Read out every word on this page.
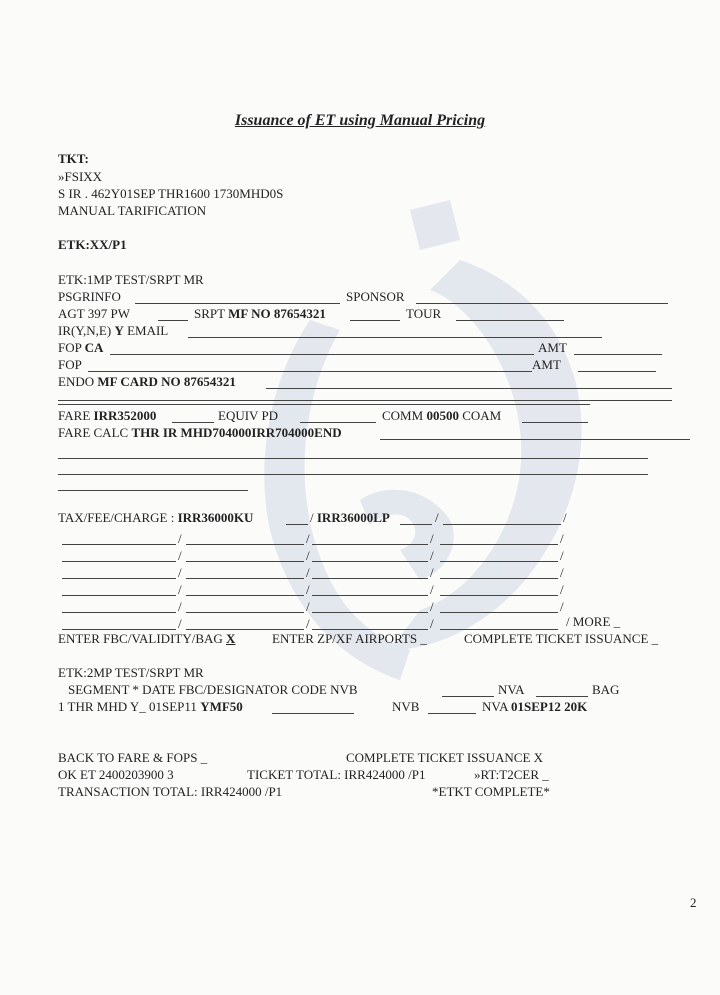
Issuance of ET using Manual Pricing
TKT:
»FSIXX
S IR . 462Y01SEP THR1600 1730MHD0S
MANUAL TARIFICATION
ETK:XX/P1
ETK:1MP TEST/SRPT MR
PSGRINFO	SPONSOR
AGT 397 PW	SRPT MF NO 87654321	TOUR
IR(Y,N,E) Y EMAIL
FOP CA	AMT
FOP	AMT
ENDO MF CARD NO 87654321
FARE IRR352000	EQUIV PD	COMM 00500 COAM
FARE CALC THR IR MHD704000IRR704000END
TAX/FEE/CHARGE : IRR36000KU	/ IRR36000LP	/	/
/	/	/	/
/	/	/	/
/	/	/	/
/	/	/	/
/	/	/	/
/	/	/	/ MORE _
ENTER FBC/VALIDITY/BAG X	ENTER ZP/XF AIRPORTS _	COMPLETE TICKET ISSUANCE _
ETK:2MP TEST/SRPT MR
SEGMENT * DATE FBC/DESIGNATOR CODE NVB	NVA	BAG
1 THR MHD Y_ 01SEP11 YMF50	NVB	NVA 01SEP12 20K
BACK TO FARE & FOPS _	COMPLETE TICKET ISSUANCE X
OK ET 2400203900 3	TICKET TOTAL: IRR424000 /P1	»RT:T2CER _
TRANSACTION TOTAL: IRR424000 /P1	*ETKT COMPLETE*
2
